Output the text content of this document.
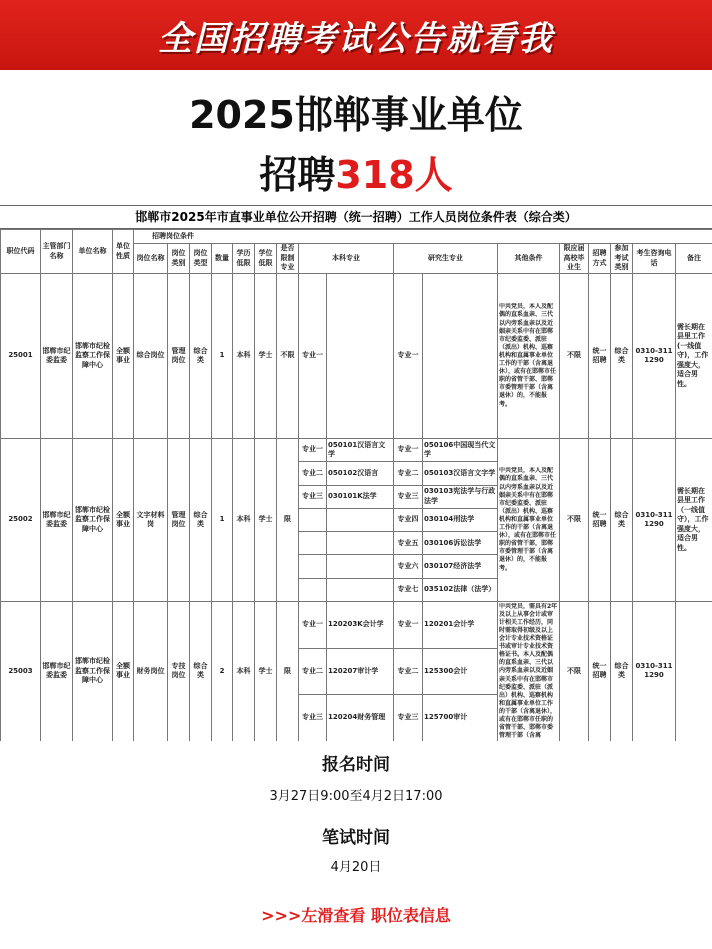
全国招聘考试公告就看我
2025邯郸事业单位
招聘318人
邯郸市2025年市直事业单位公开招聘（统一招聘）工作人员岗位条件表（综合类）
职位代码	主管部门名称	单位名称	单位性质	招聘岗位条件																
				岗位名称	岗位类别	岗位类型	数量	学历低限	学位低限	是否限制专业	本科专业		研究生专业		其他条件	限应届高校毕业生	招聘方式	参加考试类别	考生咨询电话	备注
25001	邯郸市纪委监委	邯郸市纪检监察工作保障中心	全额事业	综合岗位	管理岗位	综合类	1	本科	学士	不限	专业一		专业一		中共党员，本人及配偶的直系血亲、三代以内旁系血亲以及近姻亲关系中有在邯郸市纪委监委、派驻（派出）机构、巡察机构和直属事业单位工作的干部（含离退休），或有在邯郸市任职的省管干部、邯郸市委管理干部（含离退休）的，不能报考。	不限	统一招聘	综合类	0310-3111290	需长期在县里工作(一线值守)，工作强度大，适合男性。
25002	邯郸市纪委监委	邯郸市纪检监察工作保障中心	全额事业	文字材料岗	管理岗位	综合类	1	本科	学士	限	专业一	050101汉语言文学	专业一	050106中国现当代文学	中共党员，本人及配偶的直系血亲、三代以内旁系血亲以及近姻亲关系中有在邯郸市纪委监委、派驻（派出）机构、巡察机构和直属事业单位工作的干部（含离退休），或有在邯郸市任职的省管干部，邯郸市委管理干部（含离退休）的，不能报考。	不限	统一招聘	综合类	0310-3111290	需长期在县里工作（一线值守），工作强度大，适合男性。
											专业二	050102汉语言	专业二	050103汉语言文字学						
											专业三	030101K法学	专业三	030103宪法学与行政法学						
													专业四	030104刑法学						
													专业五	030106诉讼法学						
													专业六	030107经济法学						
													专业七	035102法律（法学）						
25003	邯郸市纪委监委	邯郸市纪检监察工作保障中心	全额事业	财务岗位	专技岗位	综合类	2	本科	学士	限	专业一	120203K会计学	专业一	120201会计学	中共党员，需具有2年及以上从事会计或审计相关工作经历，同时需取得初级及以上会计专业技术资格证书或审计专业技术资格证书。本人及配偶的直系血亲、三代以内旁系血亲以及近姻亲关系中有在邯郸市纪委监委、派驻（派出）机构、巡察机构和直属事业单位工作的干部（含离退休），或有在邯郸市任职的省管干部、邯郸市委管理干部（含离	不限	统一招聘	综合类	0310-3111290	
											专业二	120207审计学	专业二	125300会计						
											专业三	120204财务管理	专业三	125700审计						
报名时间
3月27日9:00至4月2日17:00
笔试时间
4月20日
>>>左滑查看 职位表信息
